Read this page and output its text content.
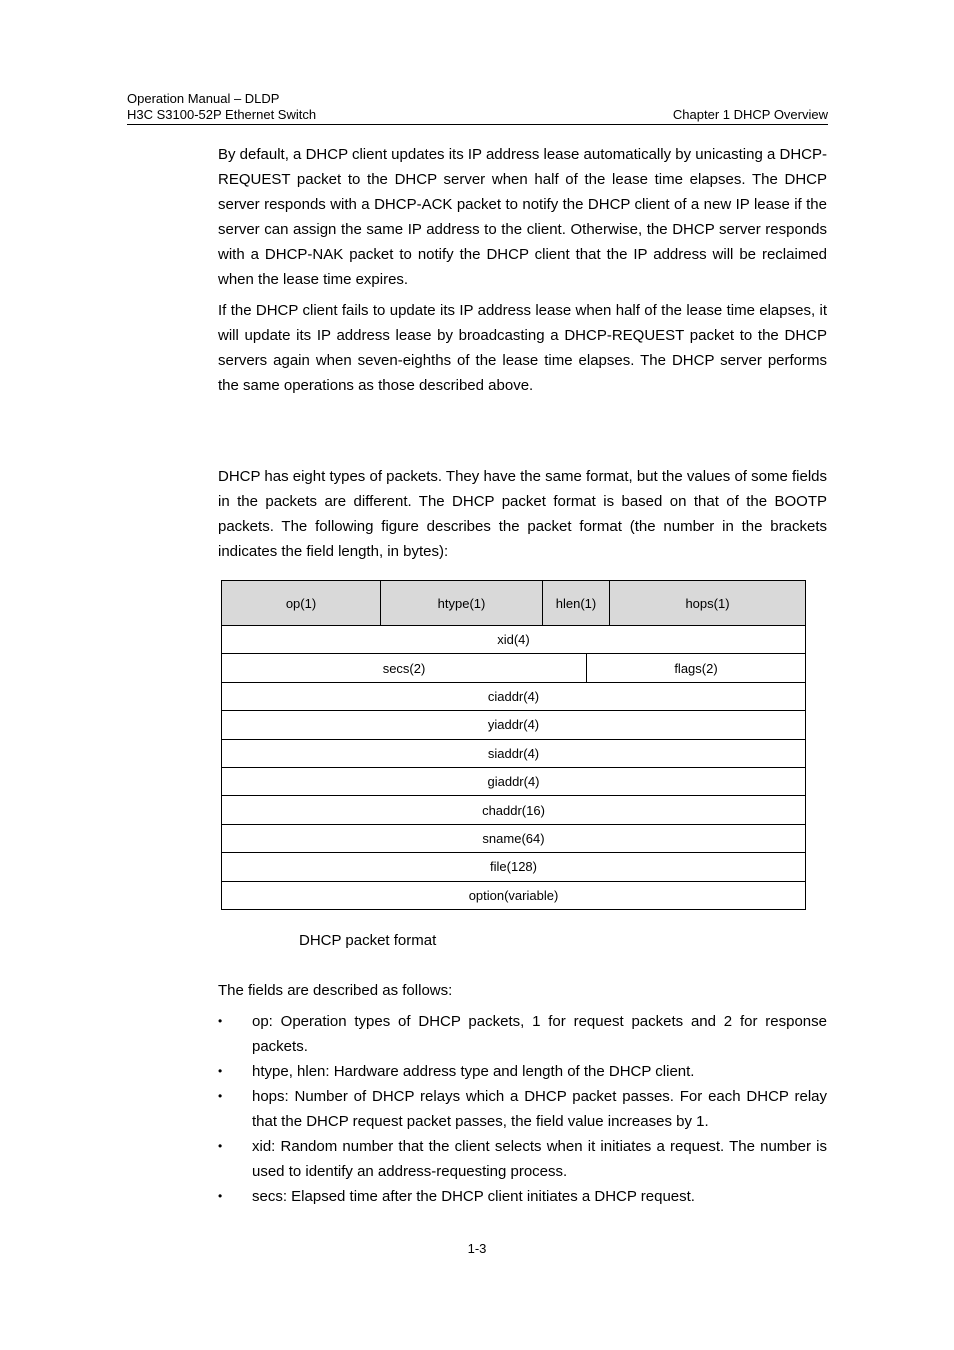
Operation Manual – DLDP
H3C S3100-52P Ethernet Switch	Chapter 1 DHCP Overview

By default, a DHCP client updates its IP address lease automatically by unicasting a DHCP-REQUEST packet to the DHCP server when half of the lease time elapses. The DHCP server responds with a DHCP-ACK packet to notify the DHCP client of a new IP lease if the server can assign the same IP address to the client. Otherwise, the DHCP server responds with a DHCP-NAK packet to notify the DHCP client that the IP address will be reclaimed when the lease time expires.

If the DHCP client fails to update its IP address lease when half of the lease time elapses, it will update its IP address lease by broadcasting a DHCP-REQUEST packet to the DHCP servers again when seven-eighths of the lease time elapses. The DHCP server performs the same operations as those described above.

DHCP has eight types of packets. They have the same format, but the values of some fields in the packets are different. The DHCP packet format is based on that of the BOOTP packets. The following figure describes the packet format (the number in the brackets indicates the field length, in bytes):

op(1)	htype(1)	hlen(1)		hops(1)
xid(4)				
secs(2)			flags(2)	
ciaddr(4)				
yiaddr(4)				
siaddr(4)				
giaddr(4)				
chaddr(16)				
sname(64)				
file(128)				
option(variable)				
DHCP packet format

The fields are described as follows:

• op: Operation types of DHCP packets, 1 for request packets and 2 for response packets.
• htype, hlen: Hardware address type and length of the DHCP client.
• hops: Number of DHCP relays which a DHCP packet passes. For each DHCP relay that the DHCP request packet passes, the field value increases by 1.
• xid: Random number that the client selects when it initiates a request. The number is used to identify an address-requesting process.
• secs: Elapsed time after the DHCP client initiates a DHCP request.
1-3
